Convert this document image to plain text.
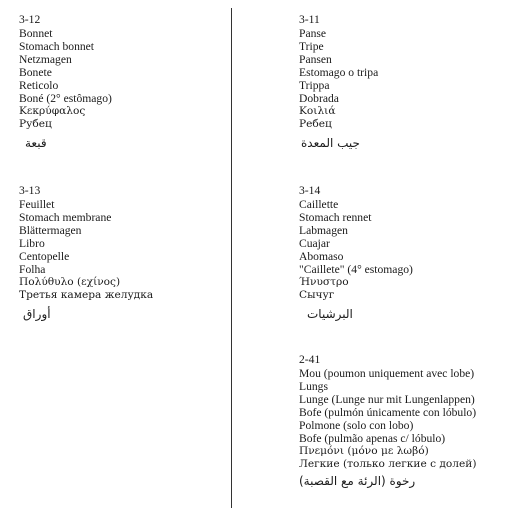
3-12
Bonnet
Stomach bonnet
Netzmagen
Bonete
Reticolo
Boné (2° estômago)
Κεκρύφαλος
Рубец
قبعة
3-13
Feuillet
Stomach membrane
Blättermagen
Libro
Centopelle
Folha
Πολύθυλο (εχίνος)
Третья камера желудка
أوراق
3-11
Panse
Tripe
Pansen
Estomago o tripa
Trippa
Dobrada
Κοιλιά
Ребец
جيب المعدة
3-14
Caillette
Stomach rennet
Labmagen
Cuajar
Abomaso
"Caillete" (4° estomago)
Ήνυστρο
Сычуг
البرشيات
2-41
Mou (poumon uniquement avec lobe)
Lungs
Lunge (Lunge nur mit Lungenlappen)
Bofe (pulmón únicamente con lóbulo)
Polmone (solo con lobo)
Bofe (pulmão apenas c/ lóbulo)
Πνεμόνι (μόνο με λωβό)
Легкие (только легкие с долей)
رخوة (الرئة مع القصبة)
